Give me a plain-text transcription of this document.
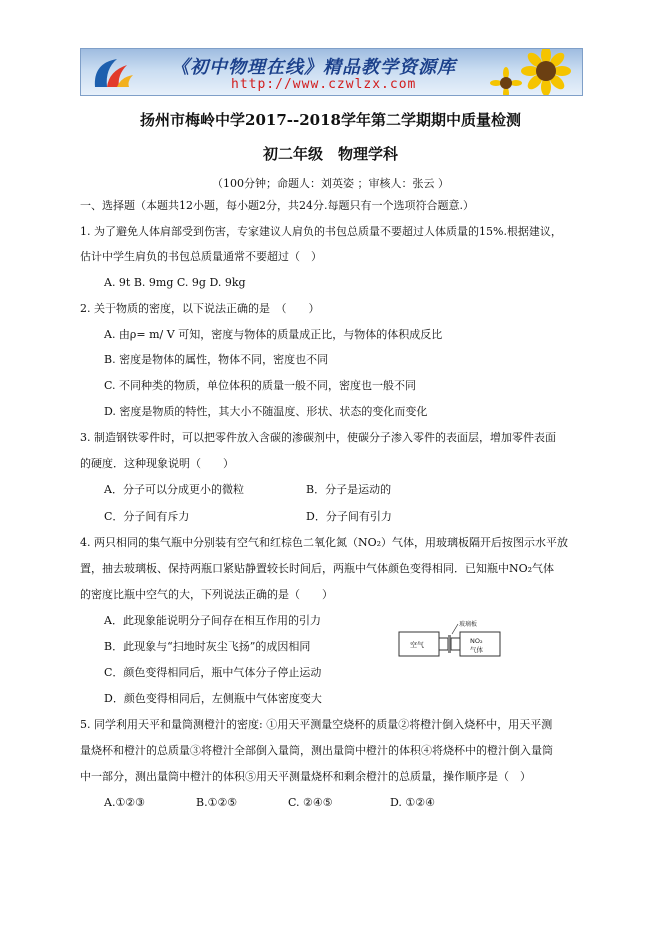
《初中物理在线》精品教学资源库
http://www.czwlzx.com
扬州市梅岭中学2017--2018学年第二学期期中质量检测
初二年级　物理学科
（100分钟；命题人：刘英姿 ；审核人：张云 ）
一、选择题（本题共12小题，每小题2分，共24分.每题只有一个选项符合题意.）
1. 为了避免人体肩部受到伤害，专家建议人肩负的书包总质量不要超过人体质量的15%.根据建议，
估计中学生肩负的书包总质量通常不要超过（　）
A. 9t B. 9mg C. 9g D. 9kg
2. 关于物质的密度，以下说法正确的是　（　　）
A. 由ρ= m/ V 可知，密度与物体的质量成正比，与物体的体积成反比
B. 密度是物体的属性，物体不同，密度也不同
C. 不同种类的物质，单位体积的质量一般不同，密度也一般不同
D. 密度是物质的特性，其大小不随温度、形状、状态的变化而变化
3. 制造钢铁零件时，可以把零件放入含碳的渗碳剂中，使碳分子渗入零件的表面层，增加零件表面
的硬度．这种现象说明（　　）
A．分子可以分成更小的微粒	B．分子是运动的
C．分子间有斥力	D．分子间有引力
4. 两只相同的集气瓶中分别装有空气和红棕色二氧化氮（NO₂）气体，用玻璃板隔开后按图示水平放
置，抽去玻璃板、保持两瓶口紧贴静置较长时间后，两瓶中气体颜色变得相同．已知瓶中NO₂气体
的密度比瓶中空气的大，下列说法正确的是（　　）
A．此现象能说明分子间存在相互作用的引力
B．此现象与“扫地时灰尘飞扬”的成因相同
C．颜色变得相同后，瓶中气体分子停止运动
D．颜色变得相同后，左侧瓶中气体密度变大
玻璃板
空气	NO₂
气体
5. 同学利用天平和量筒测橙汁的密度: ①用天平测量空烧杯的质量②将橙汁倒入烧杯中，用天平测
量烧杯和橙汁的总质量③将橙汁全部倒入量筒，测出量筒中橙汁的体积④将烧杯中的橙汁倒入量筒
中一部分，测出量筒中橙汁的体积⑤用天平测量烧杯和剩余橙汁的总质量，操作顺序是（　）
A.①②③	B.①②⑤	C. ②④⑤	D. ①②④
